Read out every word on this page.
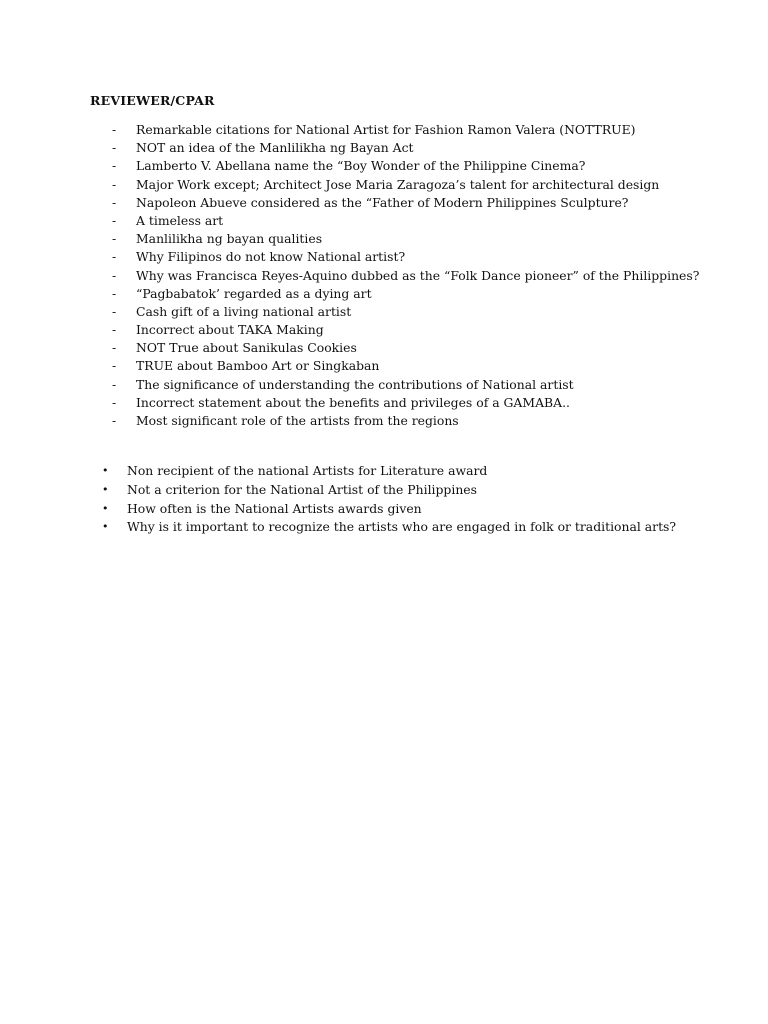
REVIEWER/CPAR
- Remarkable citations for National Artist for Fashion Ramon Valera (NOTTRUE)
- NOT an idea of the Manlilikha ng Bayan Act
- Lamberto V. Abellana name the “Boy Wonder of the Philippine Cinema?
- Major Work except; Architect Jose Maria Zaragoza’s talent for architectural design
- Napoleon Abueve considered as the “Father of Modern Philippines Sculpture?
- A timeless art
- Manlilikha ng bayan qualities
- Why Filipinos do not know National artist?
- Why was Francisca Reyes-Aquino dubbed as the “Folk Dance pioneer” of the Philippines?
- “Pagbabatok’ regarded as a dying art
- Cash gift of a living national artist
- Incorrect about TAKA Making
- NOT True about Sanikulas Cookies
- TRUE about Bamboo Art or Singkaban
- The significance of understanding the contributions of National artist
- Incorrect statement about the benefits and privileges of a GAMABA..
- Most significant role of the artists from the regions
• Non recipient of the national Artists for Literature award
• Not a criterion for the National Artist of the Philippines
• How often is the National Artists awards given
• Why is it important to recognize the artists who are engaged in folk or traditional arts?
